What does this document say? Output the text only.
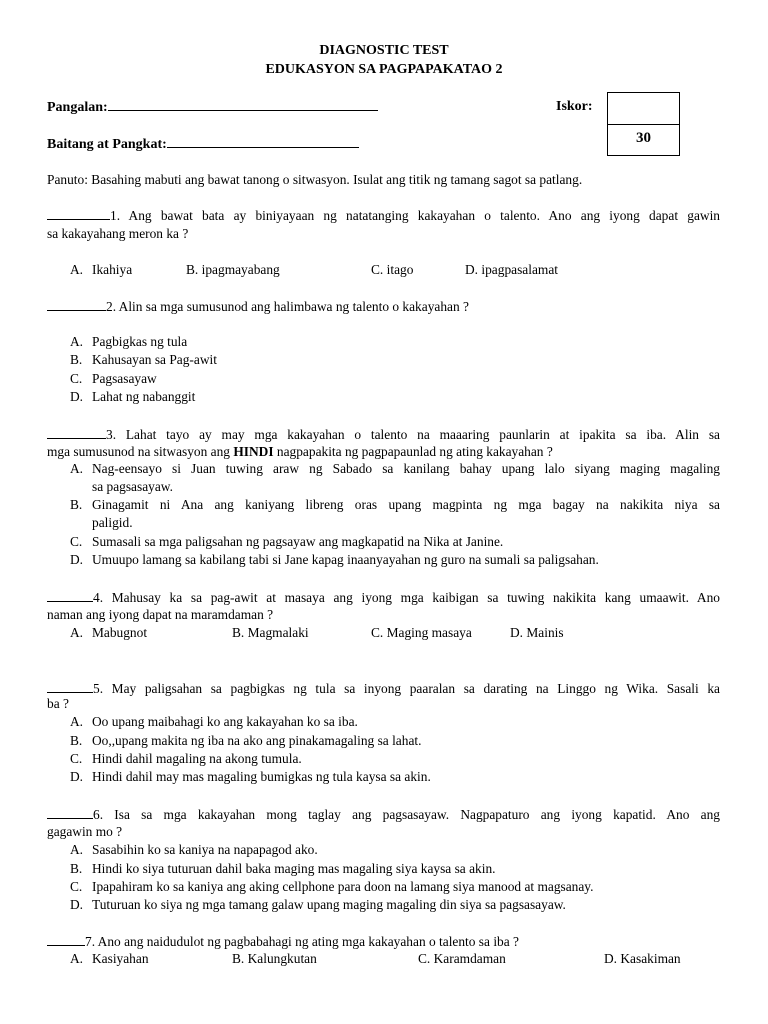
DIAGNOSTIC TEST
EDUKASYON SA PAGPAPAKATAO 2
Pangalan:	Iskor:
30
Baitang at Pangkat:
Panuto: Basahing mabuti ang bawat tanong o sitwasyon. Isulat ang titik ng tamang sagot sa patlang.
1. Ang bawat bata ay biniyayaan ng natatanging kakayahan o talento. Ano ang iyong dapat gawin
sa kakayahang meron ka ?
A. Ikahiya	B. ipagmayabang	C. itago	D. ipagpasalamat
2. Alin sa mga sumusunod ang halimbawa ng talento o kakayahan ?
A. Pagbigkas ng tula
B. Kahusayan sa Pag-awit
C. Pagsasayaw
D. Lahat ng nabanggit
3. Lahat tayo ay may mga kakayahan o talento na maaaring paunlarin at ipakita sa iba. Alin sa
mga sumusunod na sitwasyon ang HINDI nagpapakita ng pagpapaunlad ng ating kakayahan ?
A. Nag-eensayo si Juan tuwing araw ng Sabado sa kanilang bahay upang lalo siyang maging magaling
sa pagsasayaw.
B. Ginagamit ni Ana ang kaniyang libreng oras upang magpinta ng mga bagay na nakikita niya sa
paligid.
C. Sumasali sa mga paligsahan ng pagsayaw ang magkapatid na Nika at Janine.
D. Umuupo lamang sa kabilang tabi si Jane kapag inaanyayahan ng guro na sumali sa paligsahan.
4. Mahusay ka sa pag-awit at masaya ang iyong mga kaibigan sa tuwing nakikita kang umaawit. Ano
naman ang iyong dapat na maramdaman ?
A. Mabugnot	B. Magmalaki	C. Maging masaya	D. Mainis
5. May paligsahan sa pagbigkas ng tula sa inyong paaralan sa darating na Linggo ng Wika. Sasali ka
ba ?
A. Oo upang maibahagi ko ang kakayahan ko sa iba.
B. Oo,,upang makita ng iba na ako ang pinakamagaling sa lahat.
C. Hindi dahil magaling na akong tumula.
D. Hindi dahil may mas magaling bumigkas ng tula kaysa sa akin.
6. Isa sa mga kakayahan mong taglay ang pagsasayaw. Nagpapaturo ang iyong kapatid. Ano ang
gagawin mo ?
A. Sasabihin ko sa kaniya na napapagod ako.
B. Hindi ko siya tuturuan dahil baka maging mas magaling siya kaysa sa akin.
C. Ipapahiram ko sa kaniya ang aking cellphone para doon na lamang siya manood at magsanay.
D. Tuturuan ko siya ng mga tamang galaw upang maging magaling din siya sa pagsasayaw.
7. Ano ang naidudulot ng pagbabahagi ng ating mga kakayahan o talento sa iba ?
A. Kasiyahan	B. Kalungkutan	C. Karamdaman	D. Kasakiman
